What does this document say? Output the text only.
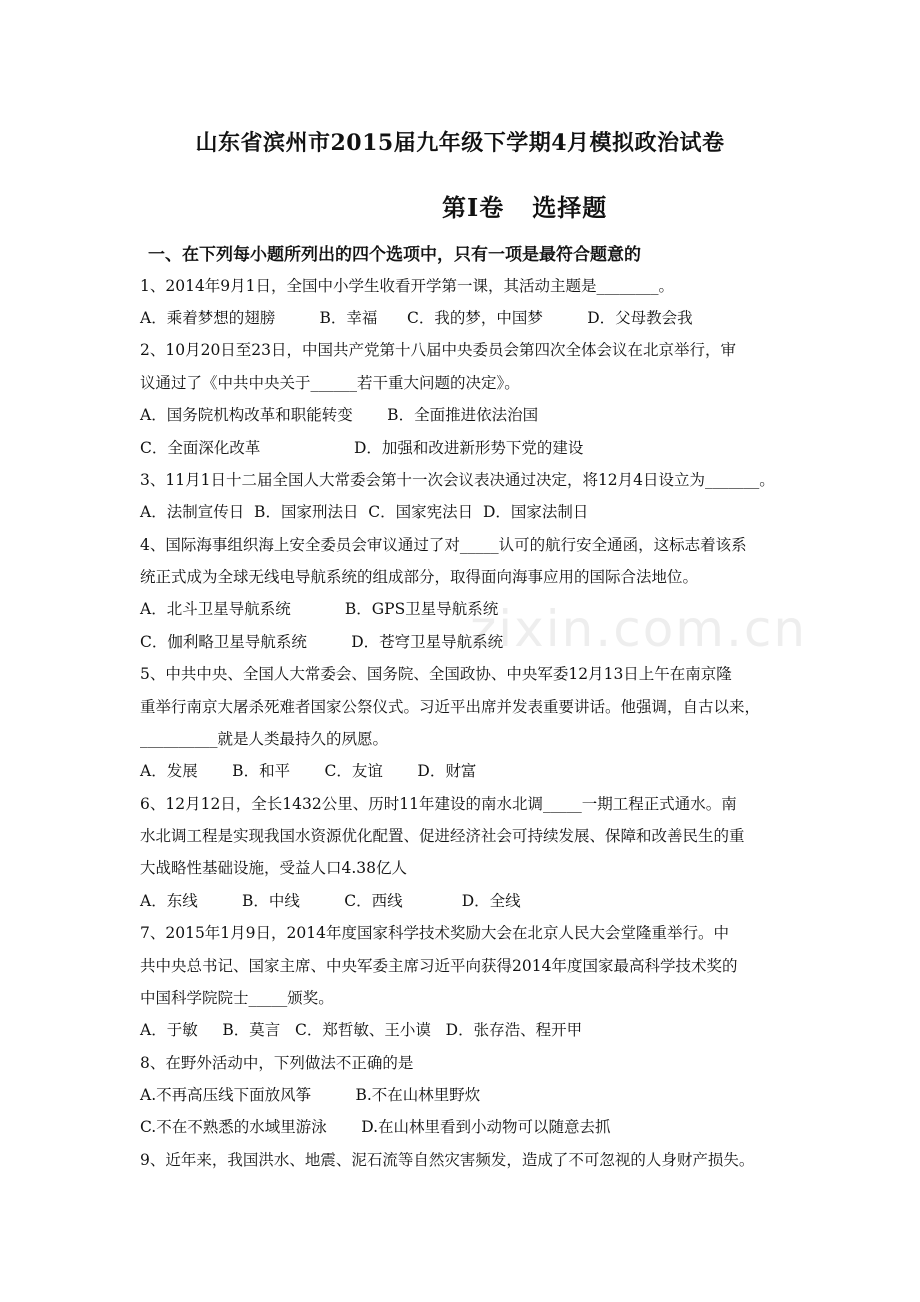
山东省滨州市2015届九年级下学期4月模拟政治试卷
第Ⅰ卷   选择题
一、在下列每小题所列出的四个选项中，只有一项是最符合题意的
1、2014年9月1日，全国中小学生收看开学第一课，其活动主题是________。
A．乘着梦想的翅膀         B．幸福      C．我的梦，中国梦         D．父母教会我
2、10月20日至23日，中国共产党第十八届中央委员会第四次全体会议在北京举行，审
议通过了《中共中央关于______若干重大问题的决定》。
A．国务院机构改革和职能转变       B．全面推进依法治国
C．全面深化改革                   D．加强和改进新形势下党的建设
3、11月1日十二届全国人大常委会第十一次会议表决通过决定，将12月4日设立为_______。
A．法制宣传日  B．国家刑法日  C．国家宪法日  D．国家法制日
4、国际海事组织海上安全委员会审议通过了对_____认可的航行安全通函，这标志着该系
统正式成为全球无线电导航系统的组成部分，取得面向海事应用的国际合法地位。
A．北斗卫星导航系统           B．GPS卫星导航系统
C．伽利略卫星导航系统         D．苍穹卫星导航系统
5、中共中央、全国人大常委会、国务院、全国政协、中央军委12月13日上午在南京隆
重举行南京大屠杀死难者国家公祭仪式。习近平出席并发表重要讲话。他强调，自古以来，
__________就是人类最持久的夙愿。
A．发展       B．和平       C．友谊       D．财富
6、12月12日，全长1432公里、历时11年建设的南水北调_____一期工程正式通水。南
水北调工程是实现我国水资源优化配置、促进经济社会可持续发展、保障和改善民生的重
大战略性基础设施，受益人口4.38亿人
A．东线         B．中线         C．西线            D．全线
7、2015年1月9日，2014年度国家科学技术奖励大会在北京人民大会堂隆重举行。中
共中央总书记、国家主席、中央军委主席习近平向获得2014年度国家最高科学技术奖的
中国科学院院士_____颁奖。
A．于敏     B．莫言   C．郑哲敏、王小谟   D．张存浩、程开甲
8、在野外活动中，下列做法不正确的是
A.不再高压线下面放风筝         B.不在山林里野炊
C.不在不熟悉的水域里游泳       D.在山林里看到小动物可以随意去抓
9、近年来，我国洪水、地震、泥石流等自然灾害频发，造成了不可忽视的人身财产损失。
zixin.com.cn
